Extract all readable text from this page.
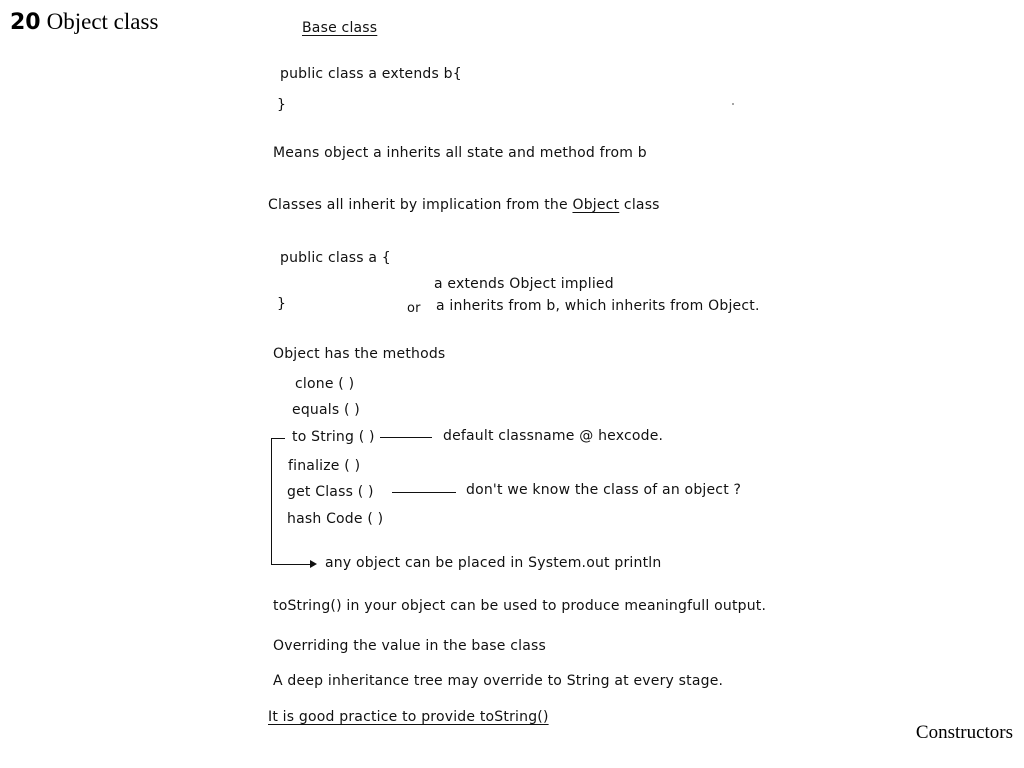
20 Object class	Base class
public class a extends b{
}
Means object a inherits all state and method from b
Classes all inherit by implication from the Object class
public class a {
}
a extends Object implied
or a inherits from b, which inherits from Object.
Object has the methods
clone ( )
equals ( )
to String ( )
finalize ( )
get Class ( )
hash Code ( )
default classname @ hexcode.
don't we know the class of an object ?
any object can be placed in System.out println
toString() in your object can be used to produce meaningfull output.
Overriding the value in the base class
A deep inheritance tree may override to String at every stage.
It is good practice to provide toString()
Constructors
